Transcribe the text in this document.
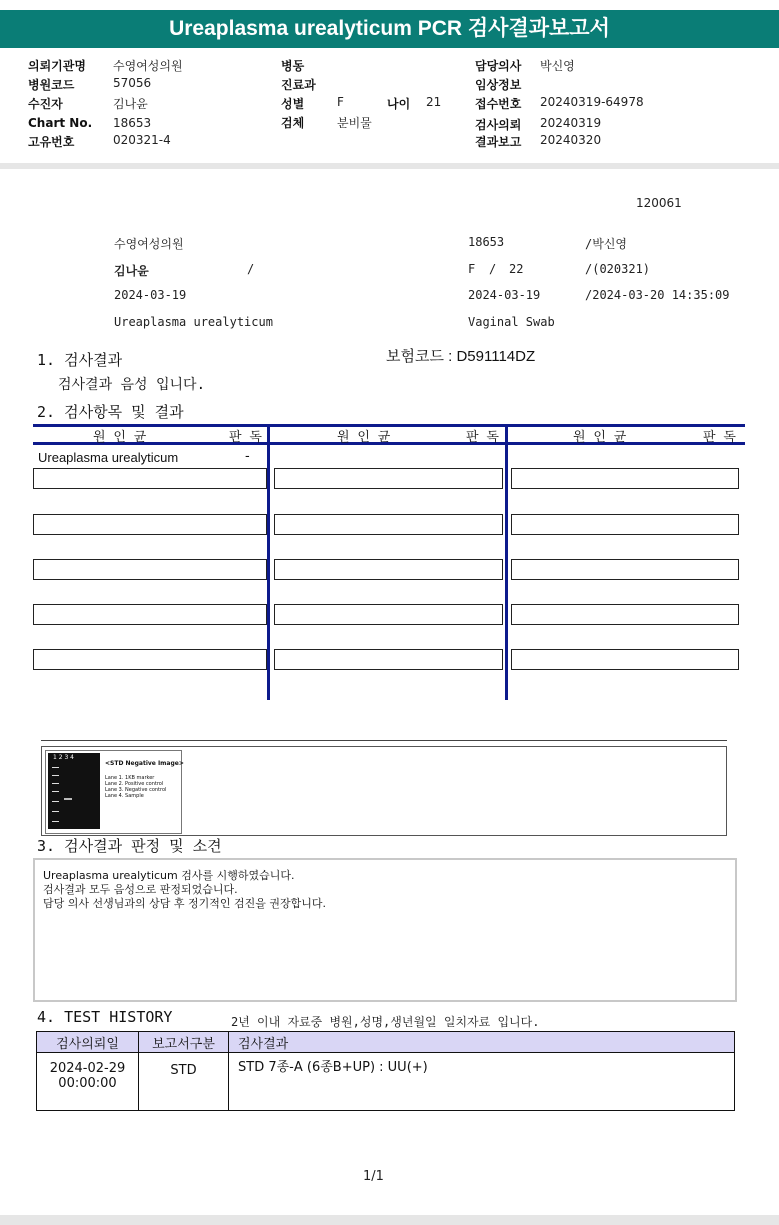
Ureaplasma urealyticum PCR 검사결과보고서
의뢰기관명 수영여성의원
병원코드	57056
수진자	김나윤
Chart No. 18653
고유번호	020321-4
병동
진료과
성별	F	나이 21
검체	분비물
담당의사 박신영
임상정보
접수번호 20240319-64978
검사의뢰 20240319
결과보고 20240320
120061
수영여성의원	18653	/박신영
김나윤	/	F / 22	/(020321)
2024-03-19	2024-03-19	/2024-03-20 14:35:09
Ureaplasma urealyticum	Vaginal Swab
1. 검사결과	보험코드 : D591114DZ
검사결과 음성 입니다.
2. 검사항목 및 결과
원 인 균	판 독	원 인 균	판 독	원 인 균	판 독
Ureaplasma urealyticum	-
1 2 3 4
<STD Negative Image>
Lane 1. 1KB marker
Lane 2. Positive control
Lane 3. Negative control
Lane 4. Sample
3. 검사결과 판정 및 소견
Ureaplasma urealyticum 검사를 시행하였습니다.
검사결과 모두 음성으로 판정되었습니다.
담당 의사 선생님과의 상담 후 정기적인 검진을 권장합니다.
4. TEST HISTORY	2년 이내 자료중 병원,성명,생년월일 일치자료 입니다.
검사의뢰일	보고서구분	검사결과

2024-02-29
00:00:00	STD	STD 7종-A (6종B+UP) : UU(+)
1/1
